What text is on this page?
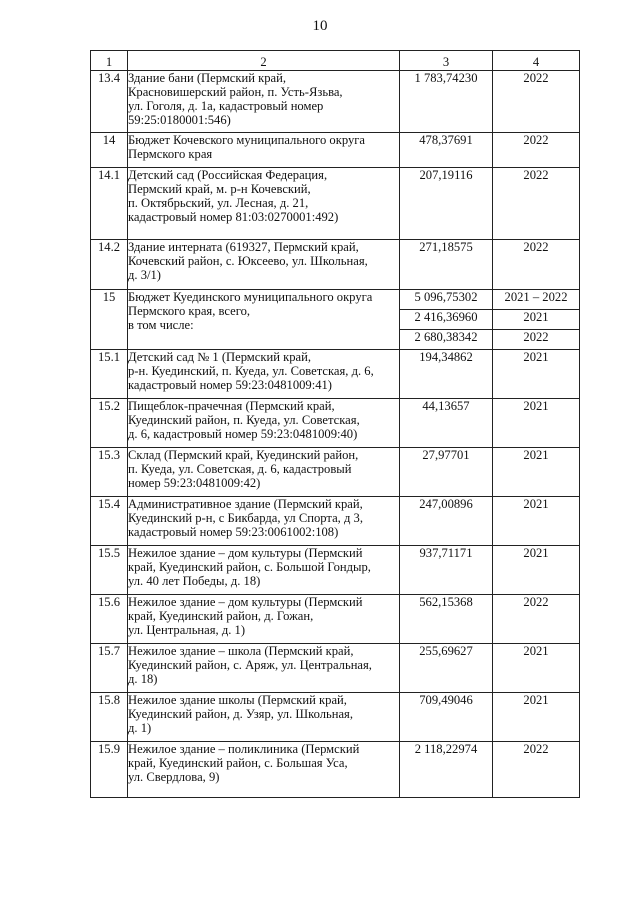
10
1	2	3	4
13.4	Здание бани (Пермский край,
Красновишерский район, п. Усть-Язьва,
ул. Гоголя, д. 1а, кадастровый номер
59:25:0180001:546)	1 783,74230	2022
14	Бюджет Кочевского муниципального округа
Пермского края	478,37691	2022
14.1	Детский сад (Российская Федерация,
Пермский край, м. р-н Кочевский,
п. Октябрьский, ул. Лесная, д. 21,
кадастровый номер 81:03:0270001:492)	207,19116	2022
14.2	Здание интерната (619327, Пермский край,
Кочевский район, с. Юксеево, ул. Школьная,
д. 3/1)	271,18575	2022
15	Бюджет Куединского муниципального округа
Пермского края, всего,
в том числе:	5 096,75302	2021 – 2022
		2 416,36960	2021
		2 680,38342	2022
15.1	Детский сад № 1 (Пермский край,
р-н. Куединский, п. Куеда, ул. Советская, д. 6,
кадастровый номер 59:23:0481009:41)	194,34862	2021
15.2	Пищеблок-прачечная (Пермский край,
Куединский район, п. Куеда, ул. Советская,
д. 6, кадастровый номер 59:23:0481009:40)	44,13657	2021
15.3	Склад (Пермский край, Куединский район,
п. Куеда, ул. Советская, д. 6, кадастровый
номер 59:23:0481009:42)	27,97701	2021
15.4	Административное здание (Пермский край,
Куединский р-н, с Бикбарда, ул Спорта, д 3,
кадастровый номер 59:23:0061002:108)	247,00896	2021
15.5	Нежилое здание – дом культуры (Пермский
край, Куединский район, с. Большой Гондыр,
ул. 40 лет Победы, д. 18)	937,71171	2021
15.6	Нежилое здание – дом культуры (Пермский
край, Куединский район, д. Гожан,
ул. Центральная, д. 1)	562,15368	2022
15.7	Нежилое здание – школа (Пермский край,
Куединский район, с. Аряж, ул. Центральная,
д. 18)	255,69627	2021
15.8	Нежилое здание школы (Пермский край,
Куединский район, д. Узяр, ул. Школьная,
д. 1)	709,49046	2021
15.9	Нежилое здание – поликлиника (Пермский
край, Куединский район, с. Большая Уса,
ул. Свердлова, 9)	2 118,22974	2022
